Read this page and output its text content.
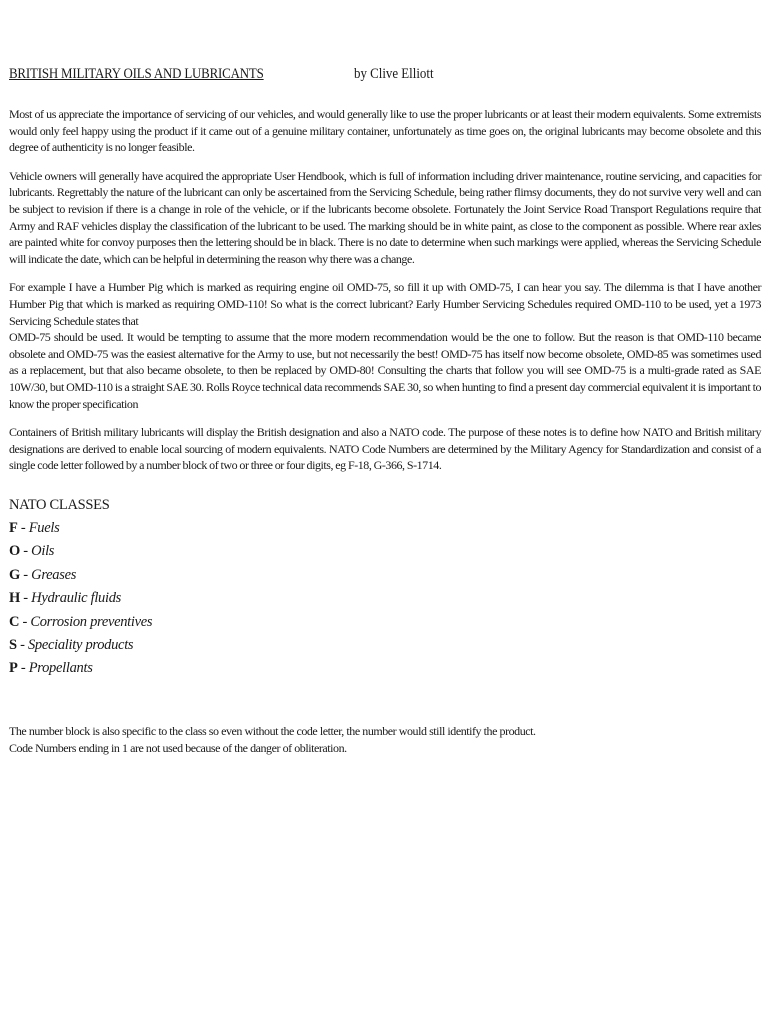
BRITISH MILITARY OILS AND LUBRICANTS	by Clive Elliott

Most of us appreciate the importance of servicing of our vehicles, and would generally like to use the proper lubricants or at least their modern equivalents. Some extremists would only feel happy using the product if it came out of a genuine military container, unfortunately as time goes on, the original lubricants may become obsolete and this degree of authenticity is no longer feasible.

Vehicle owners will generally have acquired the appropriate User Hendbook, which is full of information including driver maintenance, routine servicing, and capacities for lubricants. Regrettably the nature of the lubricant can only be ascertained from the Servicing Schedule, being rather flimsy documents, they do not survive very well and can be subject to revision if there is a change in role of the vehicle, or if the lubricants become obsolete. Fortunately the Joint Service Road Transport Regulations require that Army and RAF vehicles display the classification of the lubricant to be used. The marking should be in white paint, as close to the component as possible. Where rear axles are painted white for convoy purposes then the lettering should be in black. There is no date to determine when such markings were applied, whereas the Servicing Schedule will indicate the date, which can be helpful in determining the reason why there was a change.

For example I have a Humber Pig which is marked as requiring engine oil OMD-75, so fill it up with OMD-75, I can hear you say. The dilemma is that I have another Humber Pig that which is marked as requiring OMD-110! So what is the correct lubricant? Early Humber Servicing Schedules required OMD-110 to be used, yet a 1973 Servicing Schedule states that
OMD-75 should be used. It would be tempting to assume that the more modern recommendation would be the one to follow. But the reason is that OMD-110 became obsolete and OMD-75 was the easiest alternative for the Army to use, but not necessarily the best! OMD-75 has itself now become obsolete, OMD-85 was sometimes used as a replacement, but that also became obsolete, to then be replaced by OMD-80! Consulting the charts that follow you will see OMD-75 is a multi-grade rated as SAE 10W/30, but OMD-110 is a straight SAE 30. Rolls Royce technical data recommends SAE 30, so when hunting to find a present day commercial equivalent it is important to know the proper specification

Containers of British military lubricants will display the British designation and also a NATO code. The purpose of these notes is to define how NATO and British military designations are derived to enable local sourcing of modern equivalents. NATO Code Numbers are determined by the Military Agency for Standardization and consist of a single code letter followed by a number block of two or three or four digits, eg F-18, G-366, S-1714.

NATO CLASSES
F - Fuels
O - Oils
G - Greases
H - Hydraulic fluids
C - Corrosion preventives
S - Speciality products
P - Propellants
The number block is also specific to the class so even without the code letter, the number would still identify the product.
Code Numbers ending in 1 are not used because of the danger of obliteration.
